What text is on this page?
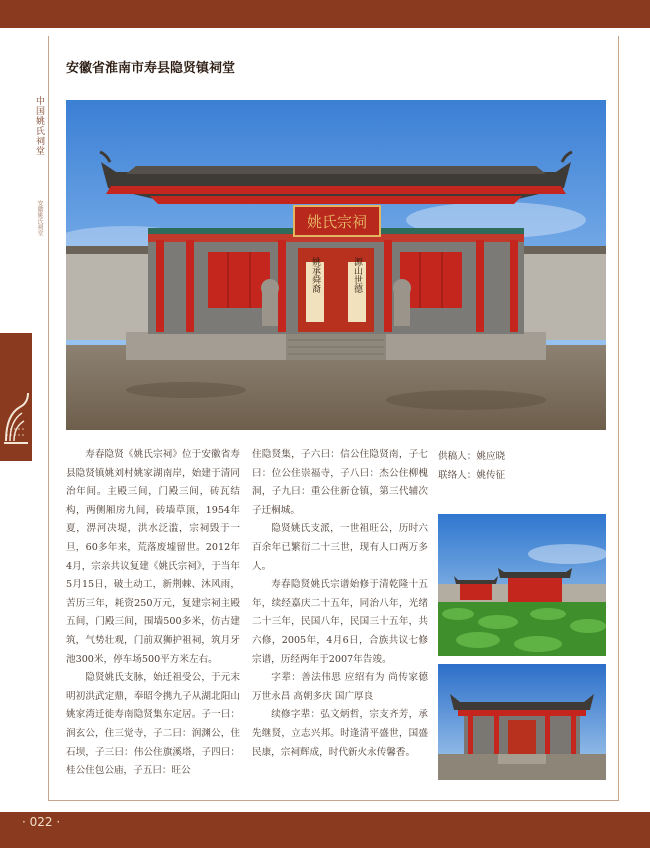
中国姚氏祠堂
安徽姚氏祠堂
安徽省淮南市寿县隐贤镇祠堂
姚承舜裔	源山世德
姚氏宗祠

寿春隐贤《姚氏宗祠》位于安徽省寿县隐贤镇姚刘村姚家湖南岸，始建于清同治年间。主殿三间，门殿三间，砖瓦结构，两侧厢房九间，砖墙草顶，1954年夏，淠河决堤，洪水泛滥，宗祠毁于一旦，60多年来，荒落废墟留世。2012年4月，宗亲共议复建《姚氏宗祠》，于当年5月15日，破土动工，新荆棘、沐风雨，苦历三年，耗资250万元，复建宗祠主殿五间，门殿三间，围墙500多米，仿古建筑，气势壮观，门前双狮护祖祠，筑月牙池300米，停车场500平方米左右。

隐贤姚氏支脉，始迁祖受公，于元末明初洪武定鼎，奉昭令携九子从湖北阳山姚家湾迁徙寿南隐贤集东定居。子一曰：润玄公，住三觉寺，子二曰：润渊公，住石坝，子三曰：伟公住旗溪塔，子四曰：桂公住包公庙，子五曰：旺公

住隐贤集，子六曰：信公住隐贤南，子七曰：位公住崇福寺，子八曰：杰公住柳槐洞，子九曰：重公住新仓镇，第三代辅次子迁桐城。

隐贤姚氏支派，一世祖旺公，历时六百余年已繁衍二十三世，现有人口两万多人。

寿春隐贤姚氏宗谱始修于清乾隆十五年，续经嘉庆二十五年，同治八年，光绪二十三年，民国八年，民国三十五年，共六修，2005年，4月6日，合族共议七修宗谱，历经两年于2007年告竣。

字辈：善法伟思 应绍有为 尚传家德 万世永昌 高朝多庆 国广厚良

续修字辈：弘文炳哲，宗支齐芳，承先继贤，立志兴邦。时逢清平盛世，国盛民康，宗祠辉成，时代新火永传馨香。

供稿人：姚应晓
联络人：姚传征
· 022 ·
